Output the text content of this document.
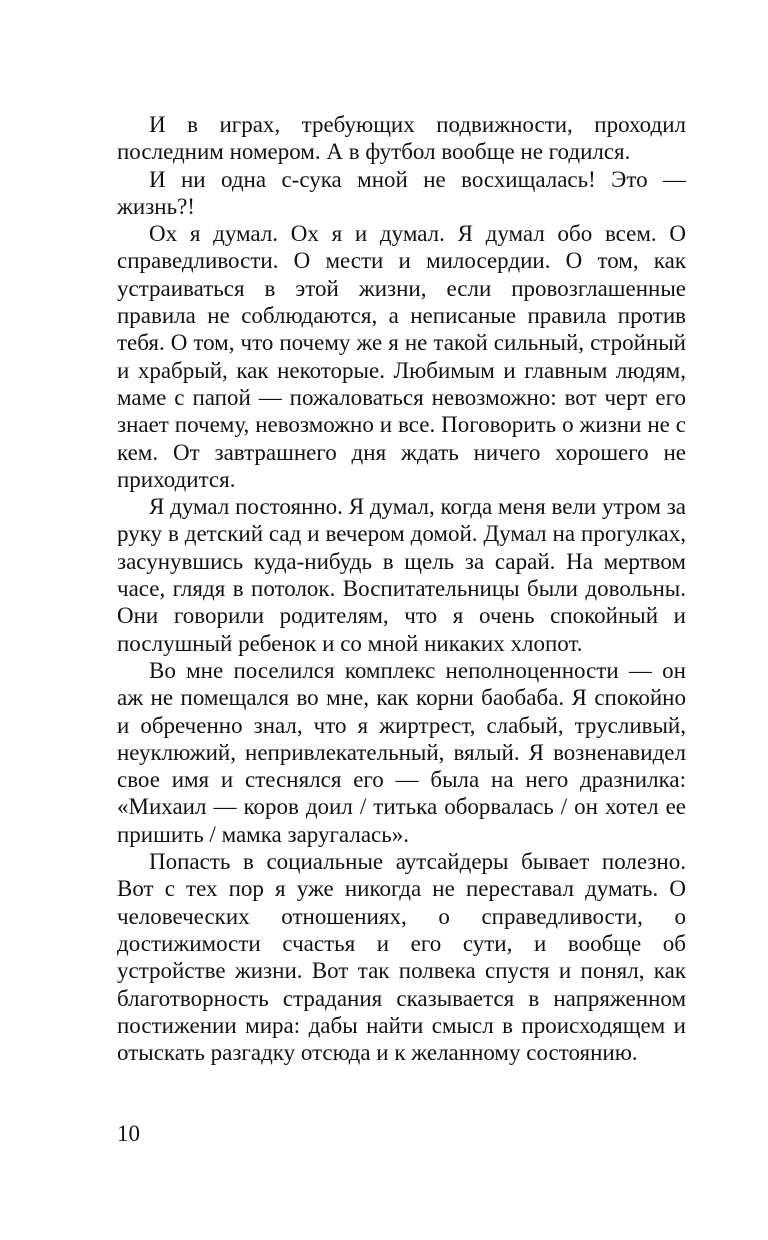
И в играх, требующих подвижности, проходил последним номером. А в футбол вообще не годился.

И ни одна с-сука мной не восхищалась! Это — жизнь?!

Ох я думал. Ох я и думал. Я думал обо всем. О справедливости. О мести и милосердии. О том, как устраиваться в этой жизни, если провозглашенные правила не соблюдаются, а неписаные правила против тебя. О том, что почему же я не такой сильный, стройный и храбрый, как некоторые. Любимым и главным людям, маме с папой — пожаловаться невозможно: вот черт его знает почему, невозможно и все. Поговорить о жизни не с кем. От завтрашнего дня ждать ничего хорошего не приходится.

Я думал постоянно. Я думал, когда меня вели утром за руку в детский сад и вечером домой. Думал на прогулках, засунувшись куда-нибудь в щель за сарай. На мертвом часе, глядя в потолок. Воспитательницы были довольны. Они говорили родителям, что я очень спокойный и послушный ребенок и со мной никаких хлопот.

Во мне поселился комплекс неполноценности — он аж не помещался во мне, как корни баобаба. Я спокойно и обреченно знал, что я жиртрест, слабый, трусливый, неуклюжий, непривлекательный, вялый. Я возненавидел свое имя и стеснялся его — была на него дразнилка: «Михаил — коров доил / титька оборвалась / он хотел ее пришить / мамка заругалась».

Попасть в социальные аутсайдеры бывает полезно. Вот с тех пор я уже никогда не переставал думать. О человеческих отношениях, о справедливости, о достижимости счастья и его сути, и вообще об устройстве жизни. Вот так полвека спустя и понял, как благотворность страдания сказывается в напряженном постижении мира: дабы найти смысл в происходящем и отыскать разгадку отсюда и к желанному состоянию.

10
